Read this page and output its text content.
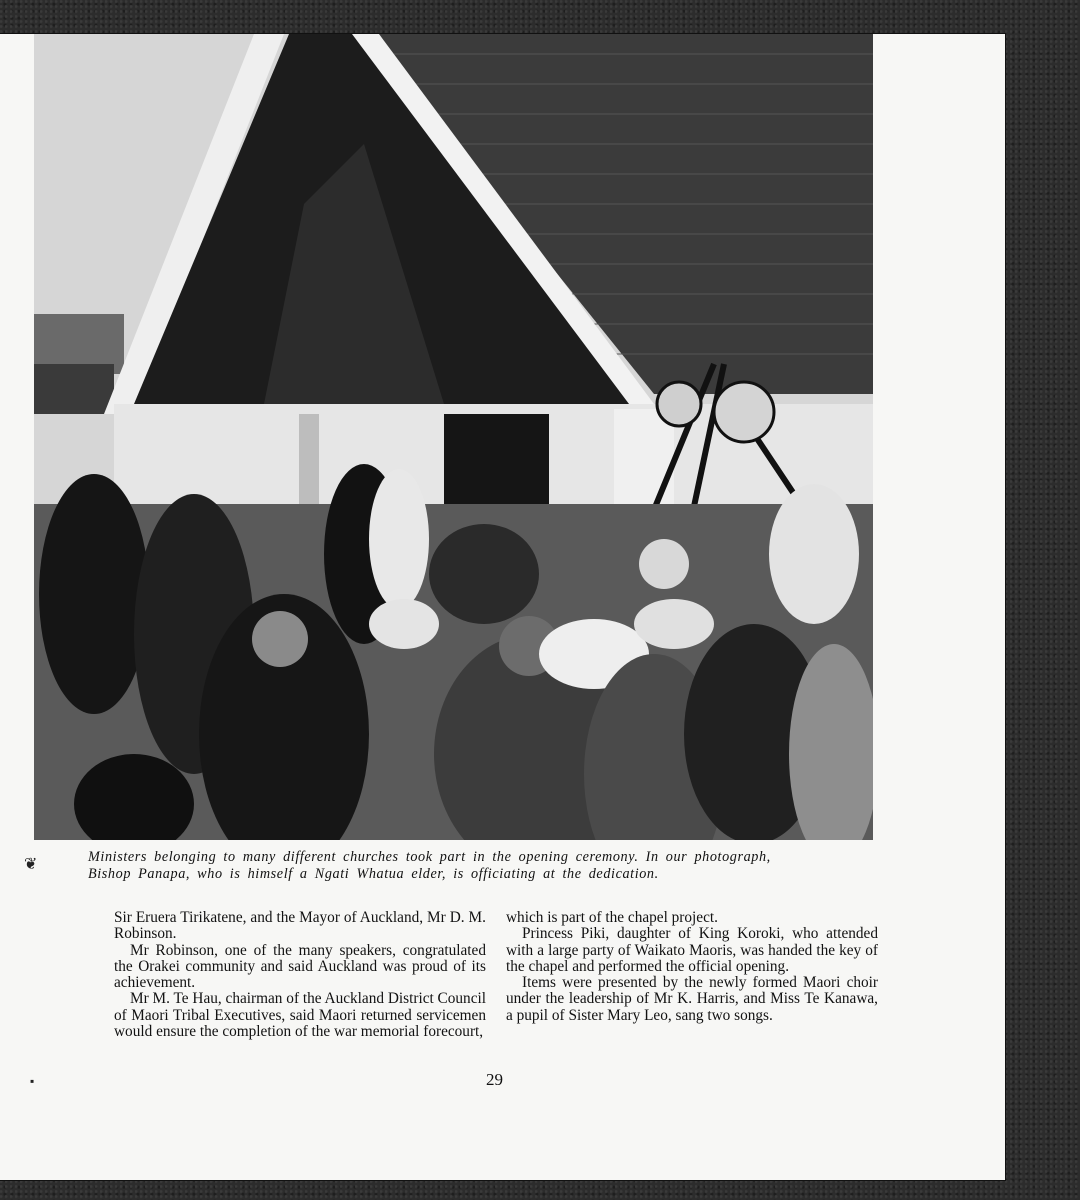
❦	Ministers belonging to many different churches took part in the opening ceremony. In our photograph,
Bishop Panapa, who is himself a Ngati Whatua elder, is officiating at the dedication.

Sir Eruera Tirikatene, and the Mayor of Auckland, Mr D. M. Robinson.

Mr Robinson, one of the many speakers, congratulated the Orakei community and said Auckland was proud of its achievement.

Mr M. Te Hau, chairman of the Auckland District Council of Maori Tribal Executives, said Maori returned servicemen would ensure the completion of the war memorial forecourt,

which is part of the chapel project.

Princess Piki, daughter of King Koroki, who attended with a large party of Waikato Maoris, was handed the key of the chapel and performed the official opening.

Items were presented by the newly formed Maori choir under the leadership of Mr K. Harris, and Miss Te Kanawa, a pupil of Sister Mary Leo, sang two songs.

▪	29
